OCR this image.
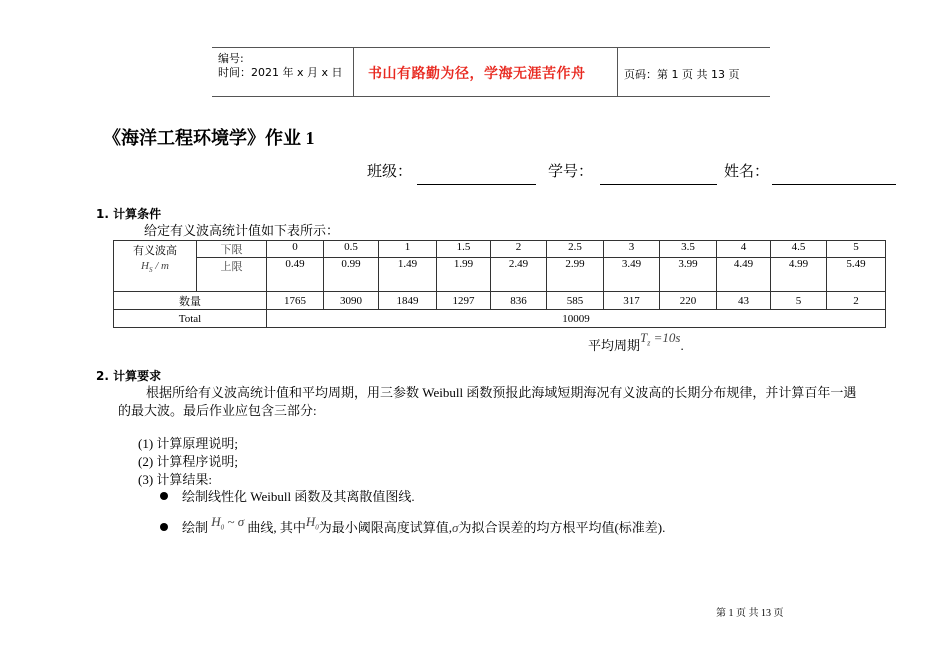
编号:
时间：2021 年 x 月 x 日 书山有路勤为径，学海无涯苦作舟	页码：第 1 页 共 13 页
《海洋工程环境学》作业 1
班级：	学号：	姓名：
1. 计算条件
给定有义波高统计值如下表所示：
有义波高
$H_S$ / m	下限	0	0.5	1	1.5	2	2.5	3	3.5	4	4.5	5
	上限	0.49	0.99	1.49	1.99	2.49	2.99	3.49	3.99	4.49	4.99	5.49

数量		1765	3090	1849	1297	836	585	317	220	43	5	2
Total		10009										
平均周期$T_z =10s$.
2. 计算要求
根据所给有义波高统计值和平均周期，用三参数 Weibull 函数预报此海域短期海况有义波高的长期分布规律，并计算百年一遇
的最大波。最后作业应包含三部分:
(1) 计算原理说明;
(2) 计算程序说明;
(3) 计算结果:
绘制线性化 Weibull 函数及其离散值图线.
绘制 $H_0$ ~ σ 曲线, 其中$H_0$为最小阈限高度试算值,σ为拟合误差的均方根平均值(标准差).
第 1 页 共 13 页
